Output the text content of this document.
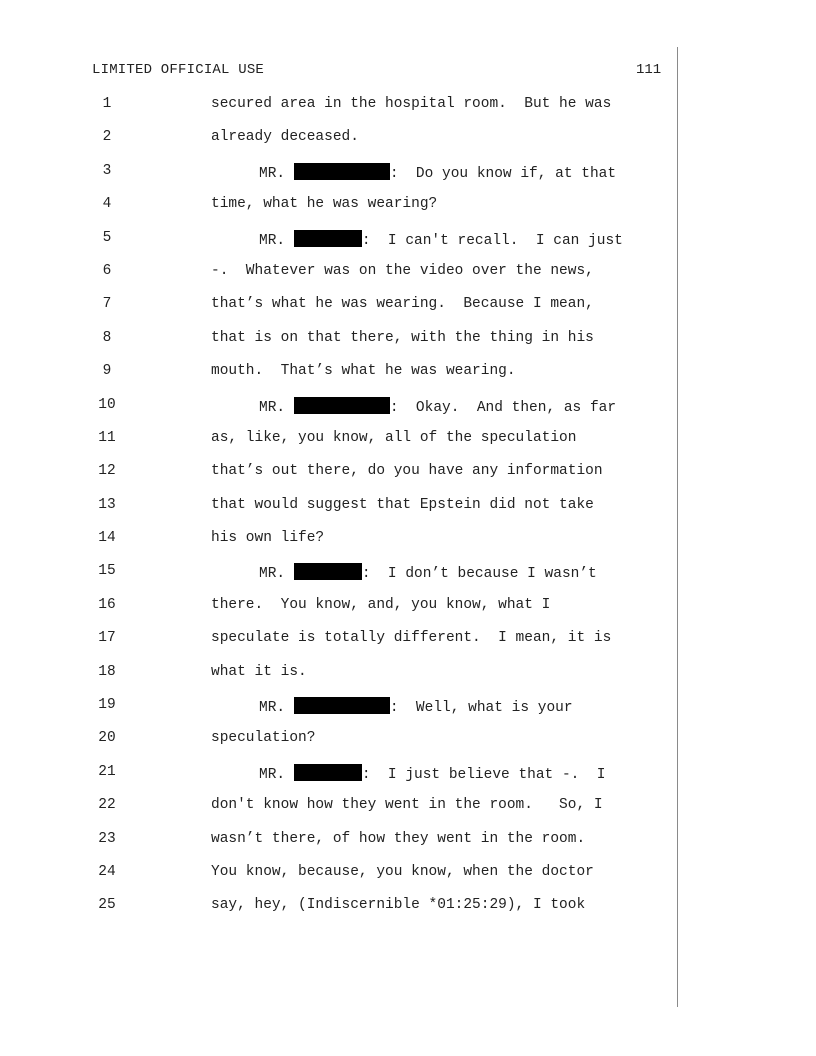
LIMITED OFFICIAL USE	111
1	secured area in the hospital room.  But he was
2	already deceased.
3	MR.	:  Do you know if, at that
4	time, what he was wearing?
5	MR.	:  I can't recall.  I can just
6	-.  Whatever was on the video over the news,
7	that’s what he was wearing.  Because I mean,
8	that is on that there, with the thing in his
9	mouth.  That’s what he was wearing.
10	MR.	:  Okay.  And then, as far
11	as, like, you know, all of the speculation
12	that’s out there, do you have any information
13	that would suggest that Epstein did not take
14	his own life?
15	MR.	:  I don’t because I wasn’t
16	there.  You know, and, you know, what I
17	speculate is totally different.  I mean, it is
18	what it is.
19	MR.	:  Well, what is your
20	speculation?
21	MR.	:  I just believe that -.  I
22	don't know how they went in the room.   So, I
23	wasn’t there, of how they went in the room.
24	You know, because, you know, when the doctor
25	say, hey, (Indiscernible *01:25:29), I took
